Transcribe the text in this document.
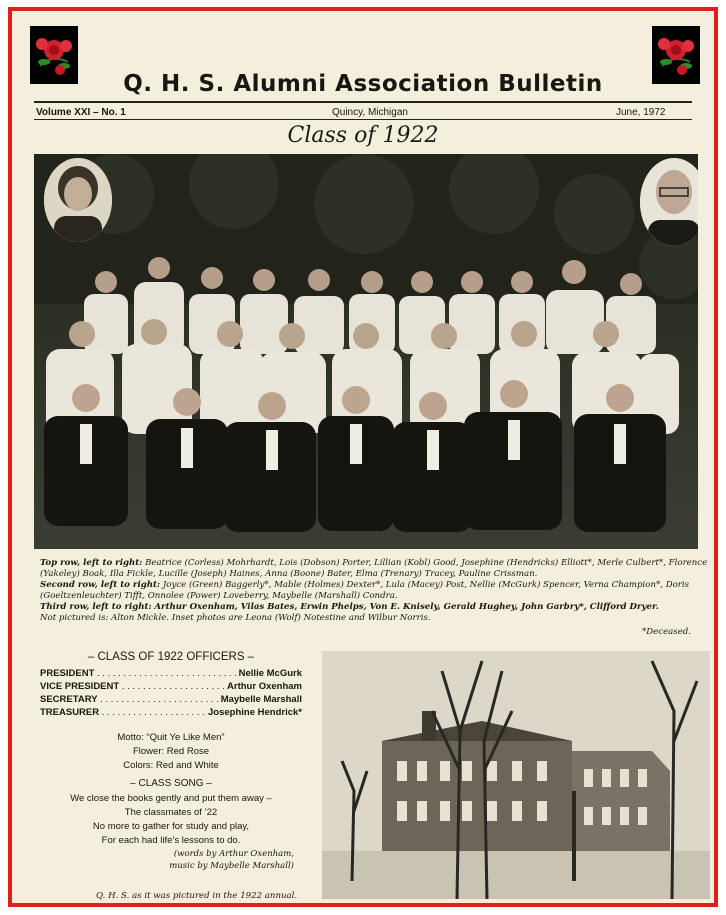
Q. H. S. Alumni Association Bulletin
Volume XXI – No. 1	Quincy, Michigan	June, 1972
Class of 1922

Top row, left to right: Beatrice (Corless) Mohrhardt, Lois (Dobson) Porter, Lillian (Kobl) Good, Josephine (Hendricks) Elliott*, Merle Culbert*, Florence (Yakeley) Boak, Illa Fickle, Lucille (Joseph) Haines, Anna (Boone) Bater, Elma (Trenary) Tracey, Pauline Crissman.
Second row, left to right: Joyce (Green) Baggerly*, Mable (Holmes) Dexter*, Lula (Macey) Post, Nellie (McGurk) Spencer, Verna Champion*, Doris (Goeltzenleuchter) Tifft, Onnolee (Power) Loveberry, Maybelle (Marshall) Condra.
Third row, left to right: Arthur Oxenham, Vilas Bates, Erwin Phelps, Von E. Knisely, Gerald Hughey, John Garbry*, Clifford Dryer.
Not pictured is: Alton Mickle. Inset photos are Leona (Wolf) Notestine and Wilbur Norris.

*Deceased.
– CLASS OF 1922 OFFICERS –
PRESIDENT . . .	Nellie McGurk
VICE PRESIDENT . . .	Arthur Oxenham
SECRETARY . . .	Maybelle Marshall
TREASURER . . .	Josephine Hendrick*
Motto: “Quit Ye Like Men”
Flower: Red Rose
Colors: Red and White
– CLASS SONG –
We close the books gently and put them away –
The classmates of ’22
No more to gather for study and play,
For each had life’s lessons to do.
(words by Arthur Oxenham,
music by Maybelle Marshall)
Q. H. S. as it was pictured in the 1922 annual.
